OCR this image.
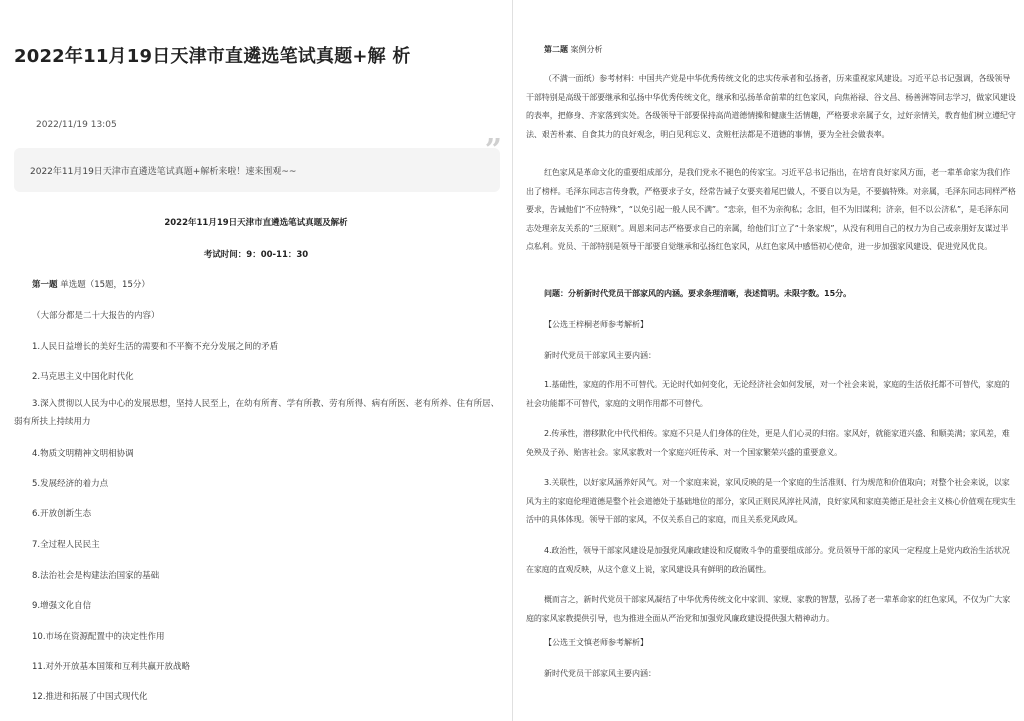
2022年11月19日天津市直遴选笔试真题+解 析
2022/11/19 13:05
2022年11月19日天津市直遴选笔试真题+解析来啦！速来围观~~
”
2022年11月19日天津市直遴选笔试真题及解析
考试时间：9：00-11：30
第一题 单选题（15题，15分）
（大部分都是二十大报告的内容）
1.人民日益增长的美好生活的需要和不平衡不充分发展之间的矛盾
2.马克思主义中国化时代化
3.深入贯彻以人民为中心的发展思想，坚持人民至上，在幼有所育、学有所教、劳有所得、病有所医、老有所养、住有所居、弱有所扶上持续用力
4.物质文明精神文明相协调
5.发展经济的着力点
6.开放创新生态
7.全过程人民民主
8.法治社会是构建法治国家的基础
9.增强文化自信
10.市场在资源配置中的决定性作用
11.对外开放基本国策和互利共赢开放战略
12.推进和拓展了中国式现代化
第二题 案例分析
（不满一面纸）参考材料：中国共产党是中华优秀传统文化的忠实传承者和弘扬者，历来重视家风建设。习近平总书记强调，各级领导干部特别是高级干部要继承和弘扬中华优秀传统文化，继承和弘扬革命前辈的红色家风，向焦裕禄、谷文昌、杨善洲等同志学习，做家风建设的表率，把修身、齐家落到实处。各级领导干部要保持高尚道德情操和健康生活情趣，严格要求亲属子女，过好亲情关，教育他们树立遵纪守法、艰苦朴素、自食其力的良好观念，明白见利忘义、贪赃枉法都是不道德的事情，要为全社会做表率。
红色家风是革命文化的重要组成部分，是我们党永不褪色的传家宝。习近平总书记指出，在培育良好家风方面，老一辈革命家为我们作出了榜样。毛泽东同志言传身教，严格要求子女，经常告诫子女要夹着尾巴做人，不要自以为是，不要搞特殊。对亲属，毛泽东同志同样严格要求，告诫他们“不应特殊”，“以免引起一般人民不满”。“恋亲，但不为亲徇私；念旧，但不为旧谋利；济亲，但不以公济私”，是毛泽东同志处理亲友关系的“三原则”。周恩来同志严格要求自己的亲属，给他们订立了“十条家规”，从没有利用自己的权力为自己或亲朋好友谋过半点私利。党员、干部特别是领导干部要自觉继承和弘扬红色家风，从红色家风中感悟初心使命，进一步加强家风建设、促进党风优良。
问题：分析新时代党员干部家风的内涵。要求条理清晰，表述简明。未限字数。15分。
【公选王梓桐老师参考解析】
新时代党员干部家风主要内涵：
1.基础性，家庭的作用不可替代。无论时代如何变化，无论经济社会如何发展，对一个社会来说，家庭的生活依托都不可替代，家庭的社会功能都不可替代，家庭的文明作用都不可替代。
2.传承性，潜移默化中代代相传。家庭不只是人们身体的住处，更是人们心灵的归宿。家风好，就能家道兴盛、和顺美满；家风差，难免殃及子孙、贻害社会。家风家教对一个家庭兴旺传承、对一个国家繁荣兴盛的重要意义。
3.关联性，以好家风涵养好风气。对一个家庭来说，家风反映的是一个家庭的生活准则、行为规范和价值取向；对整个社会来说，以家风为主的家庭伦理道德是整个社会道德处于基础地位的部分，家风正则民风淳社风清，良好家风和家庭美德正是社会主义核心价值观在现实生活中的具体体现。领导干部的家风，不仅关系自己的家庭，而且关系党风政风。
4.政治性，领导干部家风建设是加强党风廉政建设和反腐败斗争的重要组成部分。党员领导干部的家风一定程度上是党内政治生活状况在家庭的直观反映，从这个意义上说，家风建设具有鲜明的政治属性。
概而言之，新时代党员干部家风凝结了中华优秀传统文化中家训、家规、家教的智慧，弘扬了老一辈革命家的红色家风，不仅为广大家庭的家风家教提供引导，也为推进全面从严治党和加强党风廉政建设提供强大精神动力。
【公选王文慎老师参考解析】
新时代党员干部家风主要内涵：
